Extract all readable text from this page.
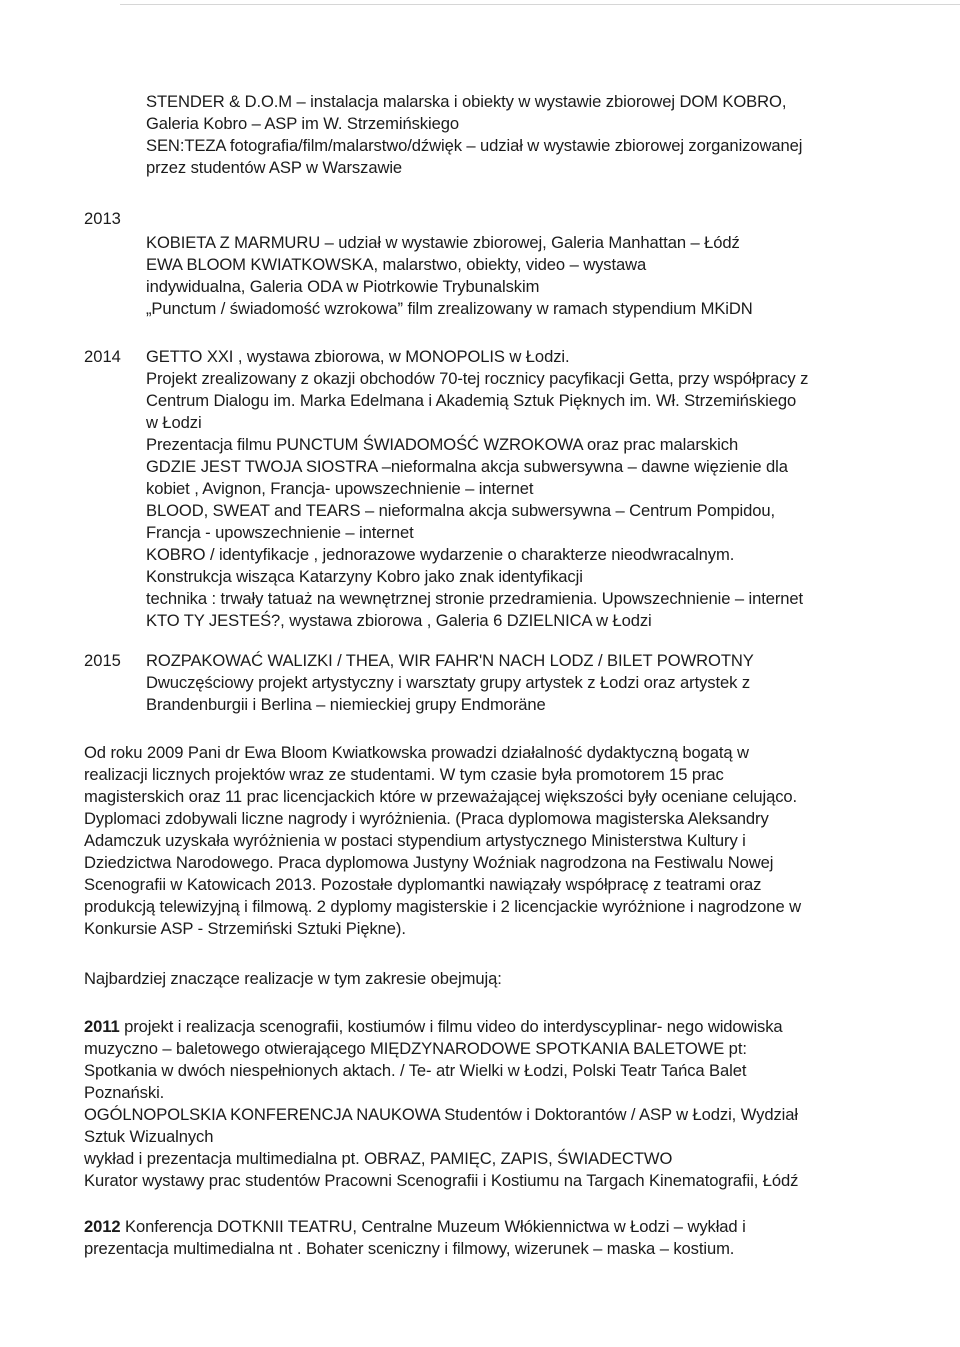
STENDER & D.O.M – instalacja malarska i obiekty w wystawie zbiorowej DOM KOBRO,
Galeria Kobro – ASP im W. Strzemińskiego
SEN:TEZA fotografia/film/malarstwo/dźwięk – udział w wystawie zbiorowej zorganizowanej
przez studentów ASP w Warszawie
2013
KOBIETA Z MARMURU – udział w wystawie zbiorowej, Galeria Manhattan – Łódź
EWA BLOOM KWIATKOWSKA, malarstwo, obiekty, video – wystawa
indywidualna, Galeria ODA w Piotrkowie Trybunalskim
„Punctum / świadomość wzrokowa” film zrealizowany w ramach stypendium MKiDN
2014 GETTO XXI , wystawa zbiorowa, w MONOPOLIS w Łodzi.
Projekt zrealizowany z okazji obchodów 70-tej rocznicy pacyfikacji Getta, przy współpracy z
Centrum Dialogu im. Marka Edelmana i Akademią Sztuk Pięknych im. Wł. Strzemińskiego
w Łodzi
Prezentacja filmu PUNCTUM ŚWIADOMOŚĆ WZROKOWA oraz prac malarskich
GDZIE JEST TWOJA SIOSTRA –nieformalna akcja subwersywna – dawne więzienie dla
kobiet , Avignon, Francja- upowszechnienie – internet
BLOOD, SWEAT and TEARS – nieformalna akcja subwersywna – Centrum Pompidou,
Francja - upowszechnienie – internet
KOBRO / identyfikacje , jednorazowe wydarzenie o charakterze nieodwracalnym.
Konstrukcja wisząca Katarzyny Kobro jako znak identyfikacji
technika : trwały tatuaż na wewnętrznej stronie przedramienia. Upowszechnienie – internet
KTO TY JESTEŚ?, wystawa zbiorowa , Galeria 6 DZIELNICA w Łodzi
2015 ROZPAKOWAĆ WALIZKI / THEA, WIR FAHR'N NACH LODZ / BILET POWROTNY
Dwuczęściowy projekt artystyczny i warsztaty grupy artystek z Łodzi oraz artystek z
Brandenburgii i Berlina – niemieckiej grupy Endmoräne
Od roku 2009 Pani dr Ewa Bloom Kwiatkowska prowadzi działalność dydaktyczną bogatą w
realizacji licznych projektów wraz ze studentami. W tym czasie była promotorem 15 prac
magisterskich oraz 11 prac licencjackich które w przeważającej większości były oceniane celująco.
Dyplomaci zdobywali liczne nagrody i wyróżnienia. (Praca dyplomowa magisterska Aleksandry
Adamczuk uzyskała wyróżnienia w postaci stypendium artystycznego Ministerstwa Kultury i
Dziedzictwa Narodowego. Praca dyplomowa Justyny Woźniak nagrodzona na Festiwalu Nowej
Scenografii w Katowicach 2013. Pozostałe dyplomantki nawiązały współpracę z teatrami oraz
produkcją telewizyjną i filmową. 2 dyplomy magisterskie i 2 licencjackie wyróżnione i nagrodzone w
Konkursie ASP - Strzemiński Sztuki Piękne).
Najbardziej znaczące realizacje w tym zakresie obejmują:
2011 projekt i realizacja scenografii, kostiumów i filmu video do interdyscyplinar- nego widowiska
muzyczno – baletowego otwierającego MIĘDZYNARODOWE SPOTKANIA BALETOWE pt:
Spotkania w dwóch niespełnionych aktach. / Te- atr Wielki w Łodzi, Polski Teatr Tańca Balet
Poznański.
OGÓLNOPOLSKIA KONFERENCJA NAUKOWA Studentów i Doktorantów / ASP w Łodzi, Wydział
Sztuk Wizualnych
wykład i prezentacja multimedialna pt. OBRAZ, PAMIĘC, ZAPIS, ŚWIADECTWO
Kurator wystawy prac studentów Pracowni Scenografii i Kostiumu na Targach Kinematografii, Łódź
2012 Konferencja DOTKNII TEATRU, Centralne Muzeum Włókiennictwa w Łodzi – wykład i
prezentacja multimedialna nt . Bohater sceniczny i filmowy, wizerunek – maska – kostium.
